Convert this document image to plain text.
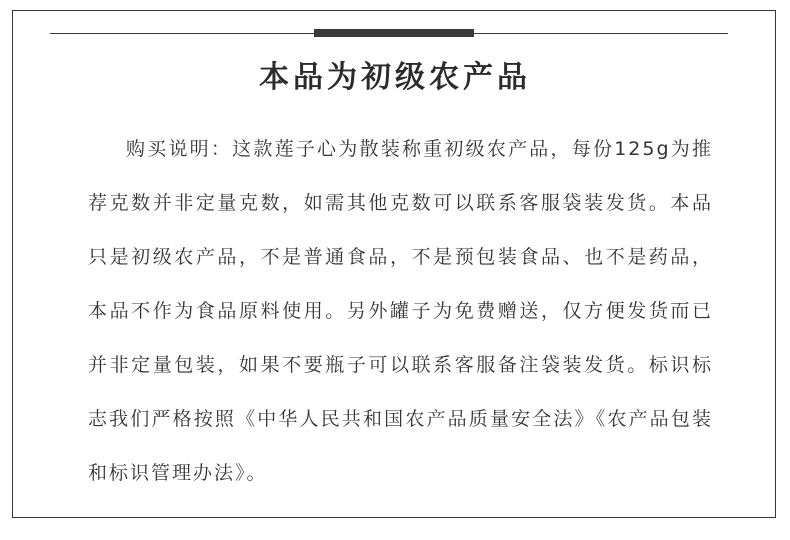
本品为初级农产品

购买说明：这款莲子心为散装称重初级农产品，每份125g为推荐克数并非定量克数，如需其他克数可以联系客服袋装发货。本品只是初级农产品，不是普通食品，不是预包装食品、也不是药品，本品不作为食品原料使用。另外罐子为免费赠送，仅方便发货而已并非定量包装，如果不要瓶子可以联系客服备注袋装发货。标识标志我们严格按照《中华人民共和国农产品质量安全法》《农产品包装和标识管理办法》。
